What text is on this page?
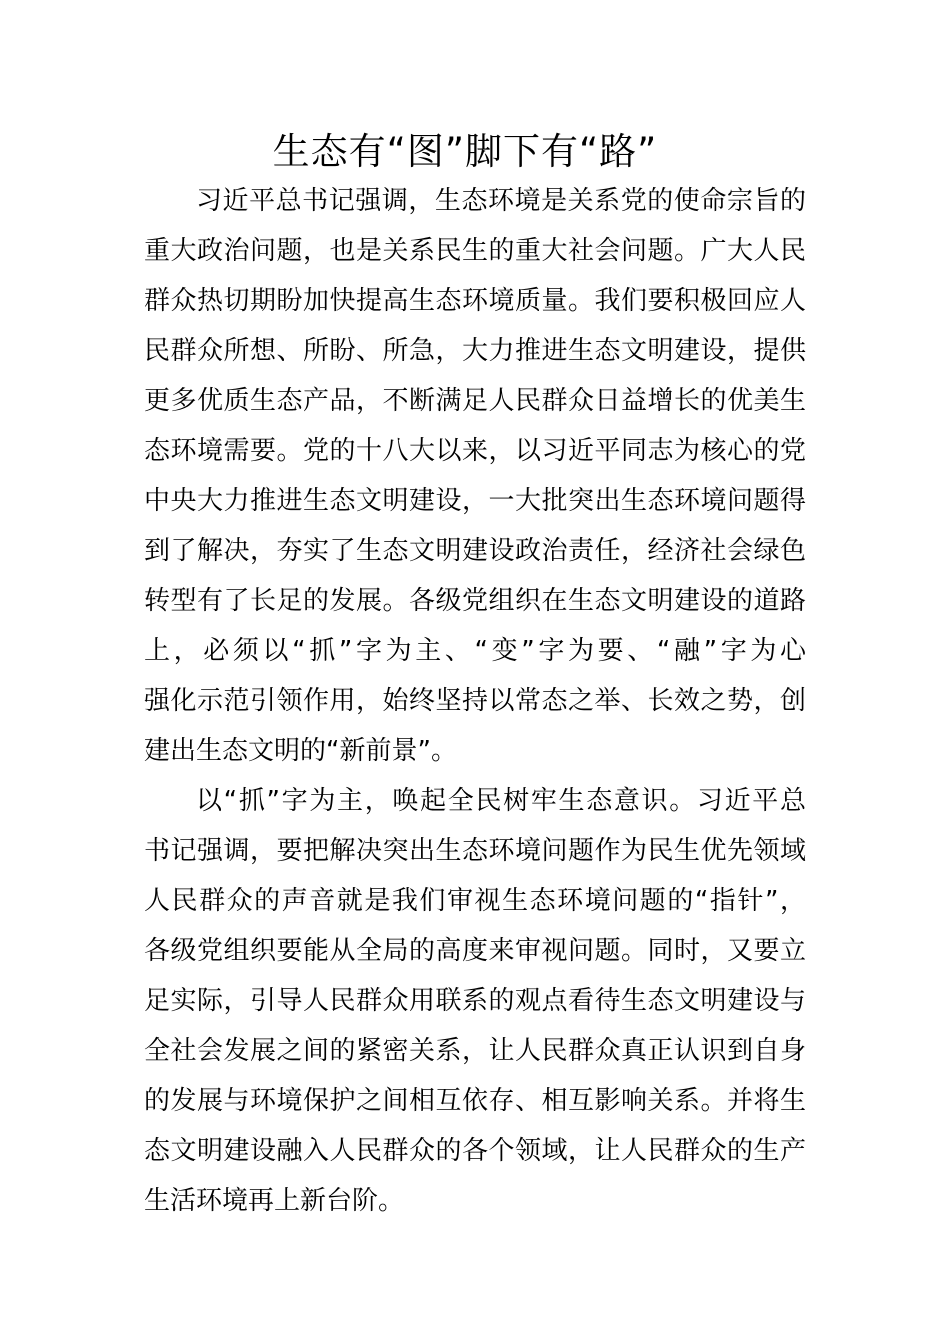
生态有“图”脚下有“路”
习近平总书记强调，生态环境是关系党的使命宗旨的
重大政治问题，也是关系民生的重大社会问题。广大人民
群众热切期盼加快提高生态环境质量。我们要积极回应人
民群众所想、所盼、所急，大力推进生态文明建设，提供
更多优质生态产品，不断满足人民群众日益增长的优美生
态环境需要。党的十八大以来，以习近平同志为核心的党
中央大力推进生态文明建设，一大批突出生态环境问题得
到了解决，夯实了生态文明建设政治责任，经济社会绿色
转型有了长足的发展。各级党组织在生态文明建设的道路
上，必须以“抓”字为主、“变”字为要、“融”字为心
强化示范引领作用，始终坚持以常态之举、长效之势，创
建出生态文明的“新前景”。
以“抓”字为主，唤起全民树牢生态意识。习近平总
书记强调，要把解决突出生态环境问题作为民生优先领域
人民群众的声音就是我们审视生态环境问题的“指针”，
各级党组织要能从全局的高度来审视问题。同时，又要立
足实际，引导人民群众用联系的观点看待生态文明建设与
全社会发展之间的紧密关系，让人民群众真正认识到自身
的发展与环境保护之间相互依存、相互影响关系。并将生
态文明建设融入人民群众的各个领域，让人民群众的生产
生活环境再上新台阶。
